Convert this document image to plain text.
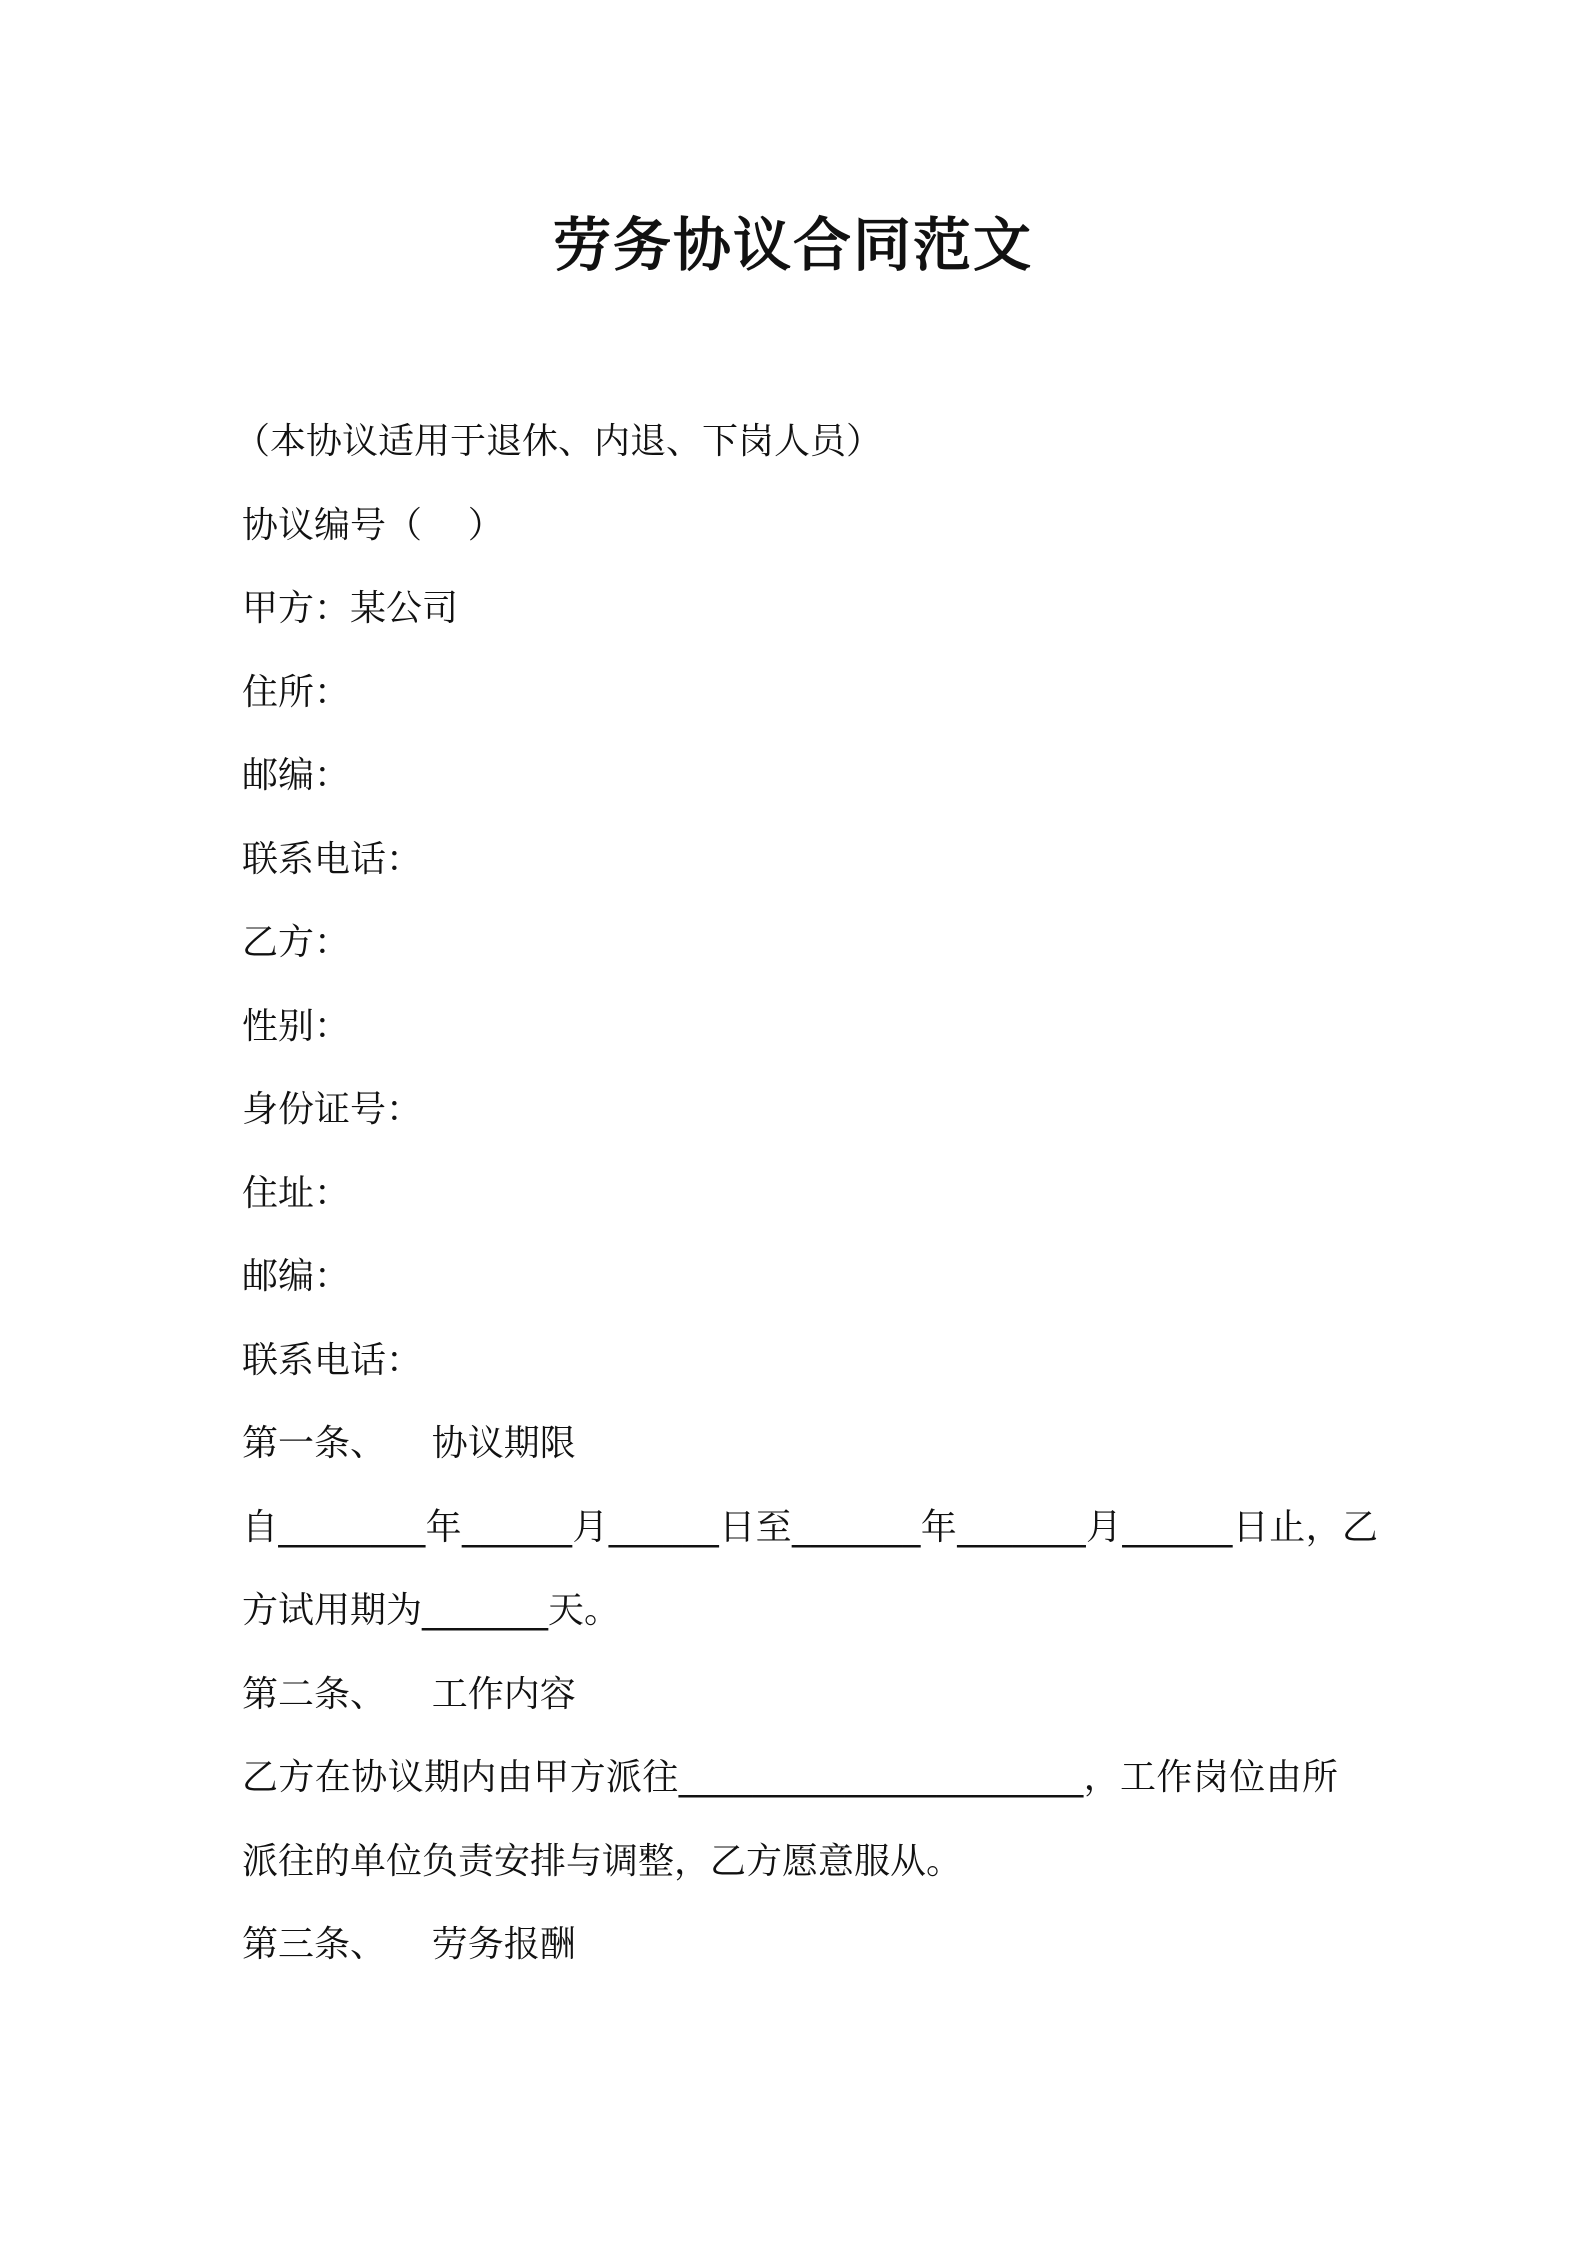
劳务协议合同范文
（本协议适用于退休、内退、下岗人员）
协议编号（    ）
甲方：某公司
住所：
邮编：
联系电话：
乙方：
性别：
身份证号：
住址：
邮编：
联系电话：
第一条、    协议期限
自________年______月______日至_______年_______月______日止，乙
方试用期为_______天。
第二条、    工作内容
乙方在协议期内由甲方派往______________________，工作岗位由所
派往的单位负责安排与调整，乙方愿意服从。
第三条、    劳务报酬
